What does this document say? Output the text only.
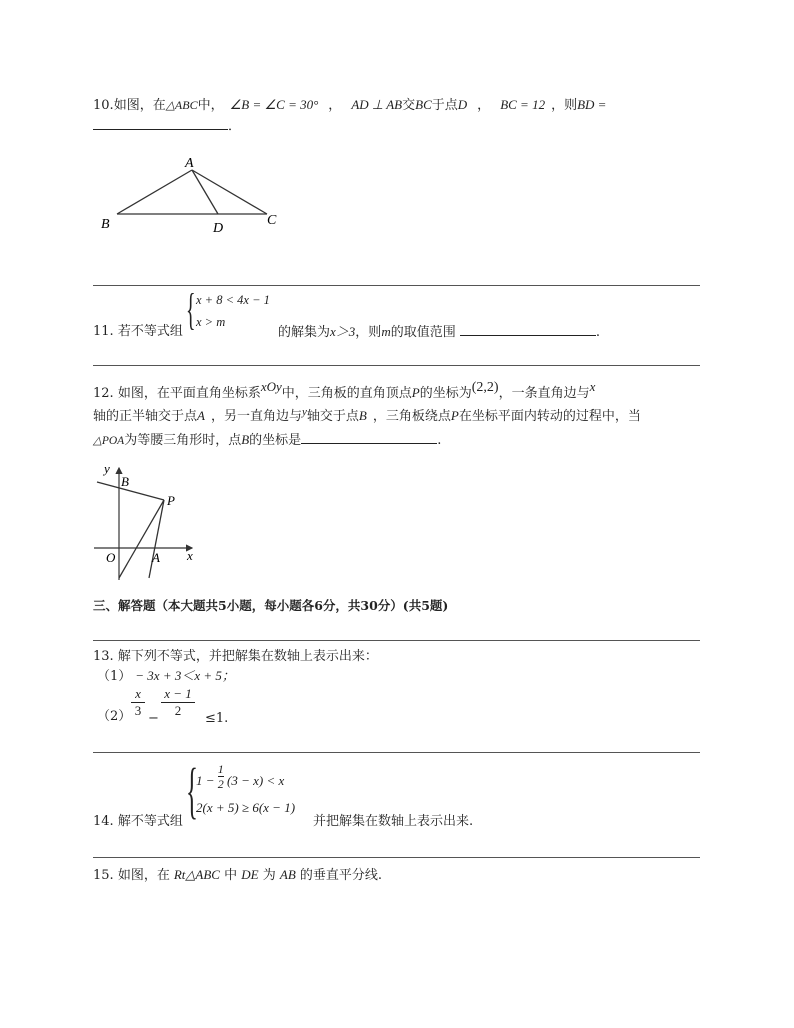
10.如图，在△ABC中， ∠B = ∠C = 30° ， AD ⊥ AB交BC于点D ， BC = 12 ，则BD =
．
A
B	C
D
{ x + 8 < 4x − 1
x > m
11. 若不等式组	的解集为x＞3，则m的取值范围	.
12. 如图，在平面直角坐标系xOy中，三角板的直角顶点P的坐标为(2,2)，一条直角边与x
轴的正半轴交于点A ，另一直角边与$^y$轴交于点B ，三角板绕点P在坐标平面内转动的过程中，当
△POA为等腰三角形时，点B的坐标是	.
y
B
P
O	A x
三、解答题（本大题共5小题，每小题各6分，共30分）(共5题)
13. 解下列不等式，并把解集在数轴上表示出来：
（1） − 3x + 3＜x + 5；
$(2) \frac{x}{3} - \frac{x - 1}{2} \le 1$.
{
$1 - \frac{1}{2} (3 - x) < x$
2(x + 5) ≥ 6(x − 1)
14. 解不等式组	并把解集在数轴上表示出来.
15. 如图，在 Rt△ABC 中 DE 为 AB 的垂直平分线.
